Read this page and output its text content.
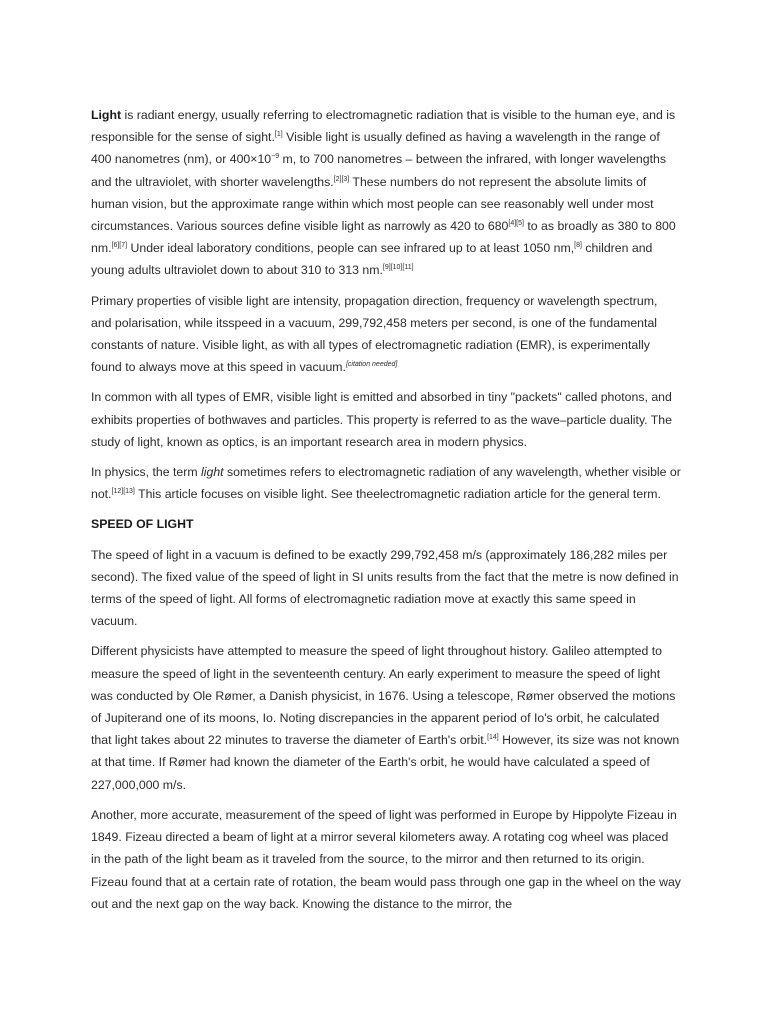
Light is radiant energy, usually referring to electromagnetic radiation that is visible to the human eye, and is responsible for the sense of sight.[1] Visible light is usually defined as having a wavelength in the range of 400 nanometres (nm), or $400\times 10^{-9}$ m, to 700 nanometres – between the infrared, with longer wavelengths and the ultraviolet, with shorter wavelengths.[2][3] These numbers do not represent the absolute limits of human vision, but the approximate range within which most people can see reasonably well under most circumstances. Various sources define visible light as narrowly as 420 to 680[4][5] to as broadly as 380 to 800 nm.[6][7] Under ideal laboratory conditions, people can see infrared up to at least 1050 nm,[8] children and young adults ultraviolet down to about 310 to 313 nm.[9][10][11]

Primary properties of visible light are intensity, propagation direction, frequency or wavelength spectrum, and polarisation, while itsspeed in a vacuum, 299,792,458 meters per second, is one of the fundamental constants of nature. Visible light, as with all types of electromagnetic radiation (EMR), is experimentally found to always move at this speed in vacuum.[citation needed]

In common with all types of EMR, visible light is emitted and absorbed in tiny "packets" called photons, and exhibits properties of bothwaves and particles. This property is referred to as the wave–particle duality. The study of light, known as optics, is an important research area in modern physics.

In physics, the term light sometimes refers to electromagnetic radiation of any wavelength, whether visible or not.[12][13] This article focuses on visible light. See theelectromagnetic radiation article for the general term.

SPEED OF LIGHT

The speed of light in a vacuum is defined to be exactly 299,792,458 m/s (approximately 186,282 miles per second). The fixed value of the speed of light in SI units results from the fact that the metre is now defined in terms of the speed of light. All forms of electromagnetic radiation move at exactly this same speed in vacuum.

Different physicists have attempted to measure the speed of light throughout history. Galileo attempted to measure the speed of light in the seventeenth century. An early experiment to measure the speed of light was conducted by Ole Rømer, a Danish physicist, in 1676. Using a telescope, Rømer observed the motions of Jupiterand one of its moons, Io. Noting discrepancies in the apparent period of Io's orbit, he calculated that light takes about 22 minutes to traverse the diameter of Earth's orbit.[14] However, its size was not known at that time. If Rømer had known the diameter of the Earth's orbit, he would have calculated a speed of 227,000,000 m/s.

Another, more accurate, measurement of the speed of light was performed in Europe by Hippolyte Fizeau in 1849. Fizeau directed a beam of light at a mirror several kilometers away. A rotating cog wheel was placed in the path of the light beam as it traveled from the source, to the mirror and then returned to its origin. Fizeau found that at a certain rate of rotation, the beam would pass through one gap in the wheel on the way out and the next gap on the way back. Knowing the distance to the mirror, the
